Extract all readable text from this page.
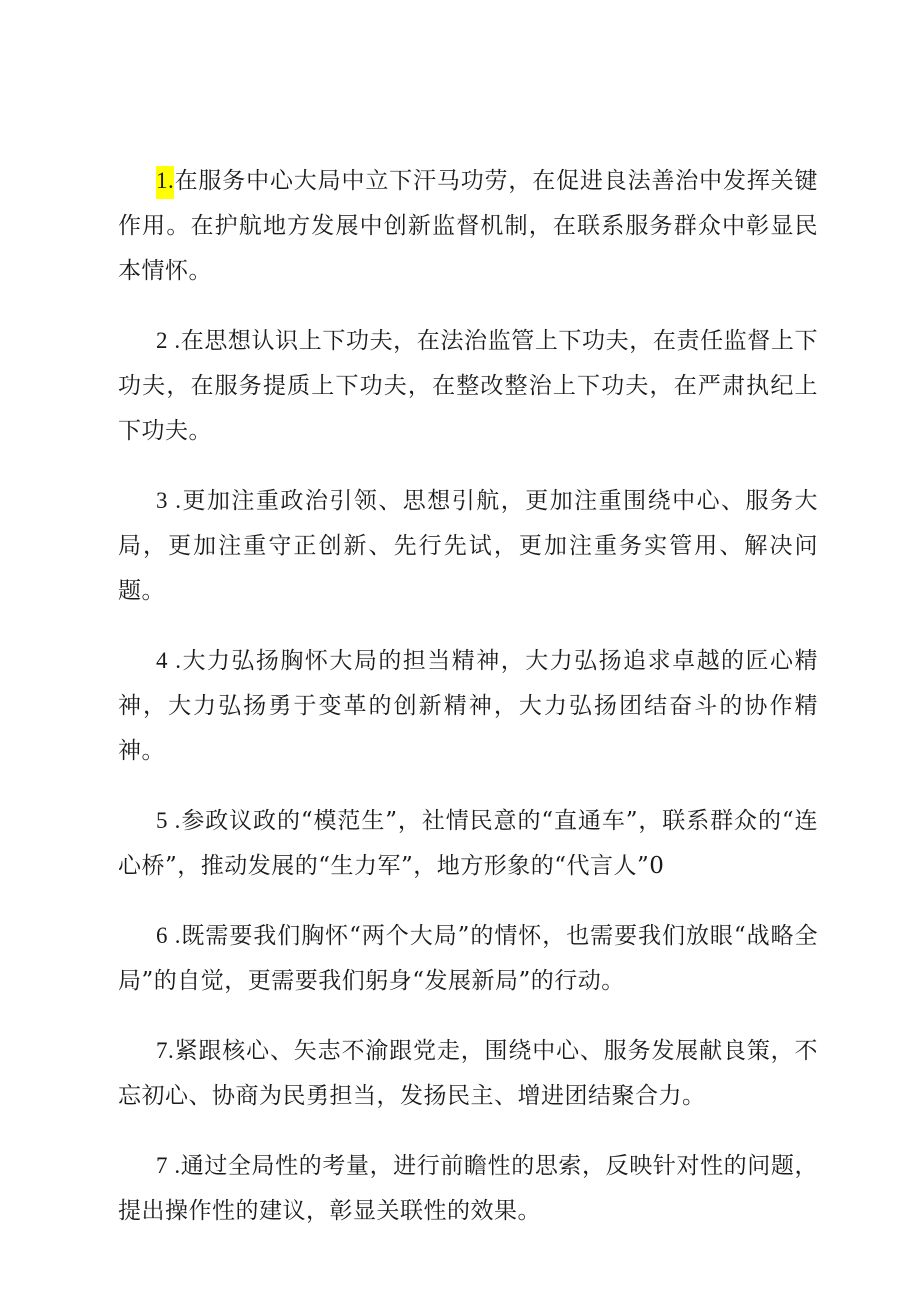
1.在服务中心大局中立下汗马功劳，在促进良法善治中发挥关键作用。在护航地方发展中创新监督机制，在联系服务群众中彰显民本情怀。

2 .在思想认识上下功夫，在法治监管上下功夫，在责任监督上下功夫，在服务提质上下功夫，在整改整治上下功夫，在严肃执纪上下功夫。

3 .更加注重政治引领、思想引航，更加注重围绕中心、服务大局，更加注重守正创新、先行先试，更加注重务实管用、解决问题。

4 .大力弘扬胸怀大局的担当精神，大力弘扬追求卓越的匠心精神，大力弘扬勇于变革的创新精神，大力弘扬团结奋斗的协作精神。

5 .参政议政的“模范生”，社情民意的“直通车”，联系群众的“连心桥”，推动发展的“生力军”，地方形象的“代言人”0

6 .既需要我们胸怀“两个大局”的情怀，也需要我们放眼“战略全局”的自觉，更需要我们躬身“发展新局”的行动。

7.紧跟核心、矢志不渝跟党走，围绕中心、服务发展献良策，不忘初心、协商为民勇担当，发扬民主、增进团结聚合力。

7 .通过全局性的考量，进行前瞻性的思索，反映针对性的问题，提出操作性的建议，彰显关联性的效果。
